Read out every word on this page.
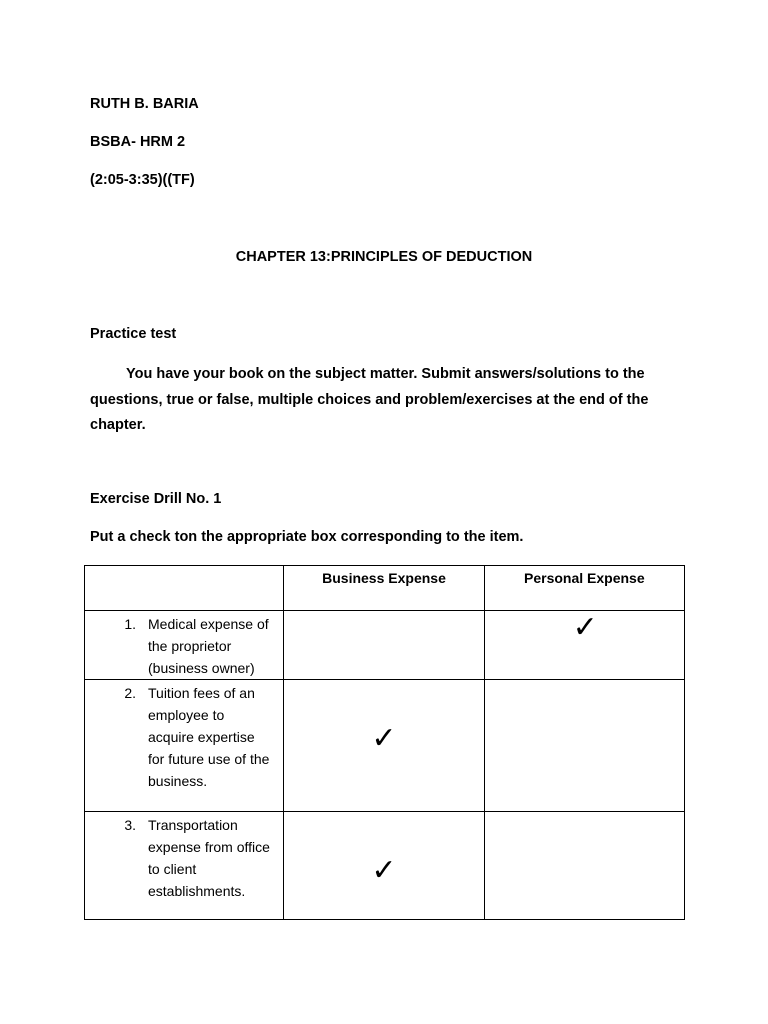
RUTH B. BARIA
BSBA- HRM 2
(2:05-3:35)((TF)
CHAPTER 13:PRINCIPLES OF DEDUCTION
Practice test
You have your book on the subject matter. Submit answers/solutions to the questions, true or false, multiple choices and problem/exercises at the end of the chapter.
Exercise Drill No. 1
Put a check ton the appropriate box corresponding to the item.

	Business Expense	Personal Expense

1. Medical expense of the proprietor (business owner)		✓

2. Tuition fees of an employee to acquire expertise for future use of the business.	✓	

3. Transportation expense from office to client establishments.	✓	
